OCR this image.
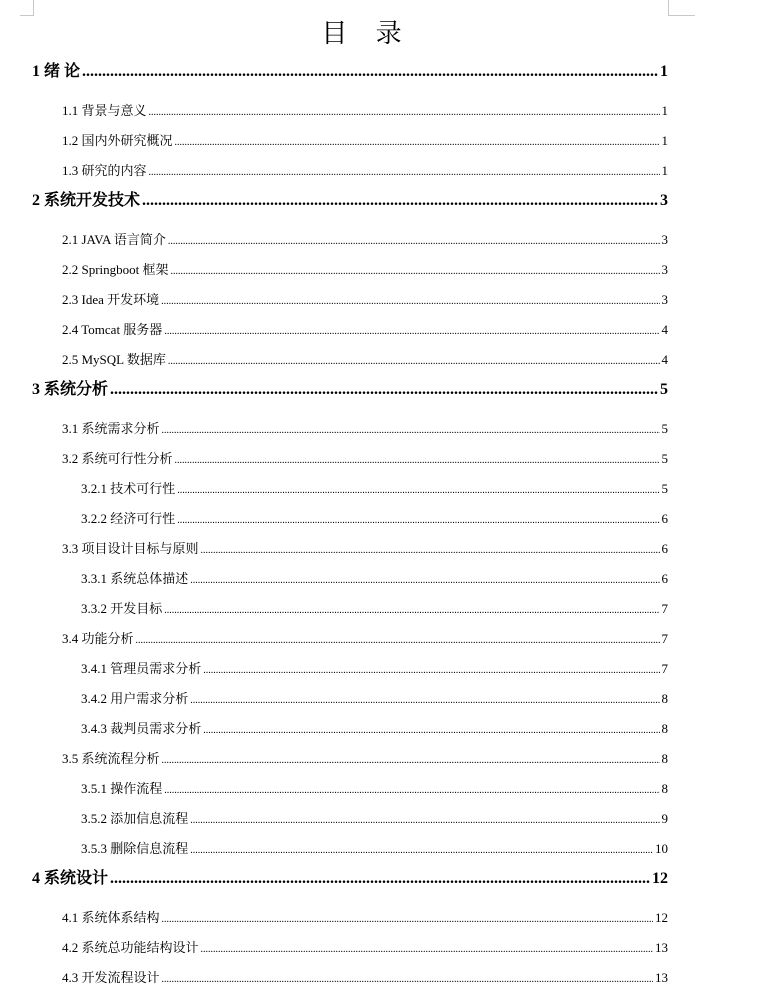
目 录
1 绪 论 .....	1
1.1 背景与意义 .....	1
1.2 国内外研究概况 .....	1
1.3 研究的内容 .....	1
2 系统开发技术 .....	3
2.1 JAVA 语言简介 .....	3
2.2 Springboot 框架 .....	3
2.3 Idea 开发环境 .....	3
2.4 Tomcat 服务器 .....	4
2.5 MySQL 数据库 .....	4
3 系统分析 .....	5
3.1 系统需求分析 .....	5
3.2 系统可行性分析 .....	5
3.2.1 技术可行性 .....	5
3.2.2 经济可行性 .....	6
3.3 项目设计目标与原则 .....	6
3.3.1 系统总体描述 .....	6
3.3.2 开发目标 .....	7
3.4 功能分析 .....	7
3.4.1 管理员需求分析 .....	7
3.4.2 用户需求分析 .....	8
3.4.3 裁判员需求分析 .....	8
3.5 系统流程分析 .....	8
3.5.1 操作流程 .....	8
3.5.2 添加信息流程 .....	9
3.5.3 删除信息流程 .....	10
4 系统设计 .....	12
4.1 系统体系结构 .....	12
4.2 系统总功能结构设计 .....	13
4.3 开发流程设计 .....	13
